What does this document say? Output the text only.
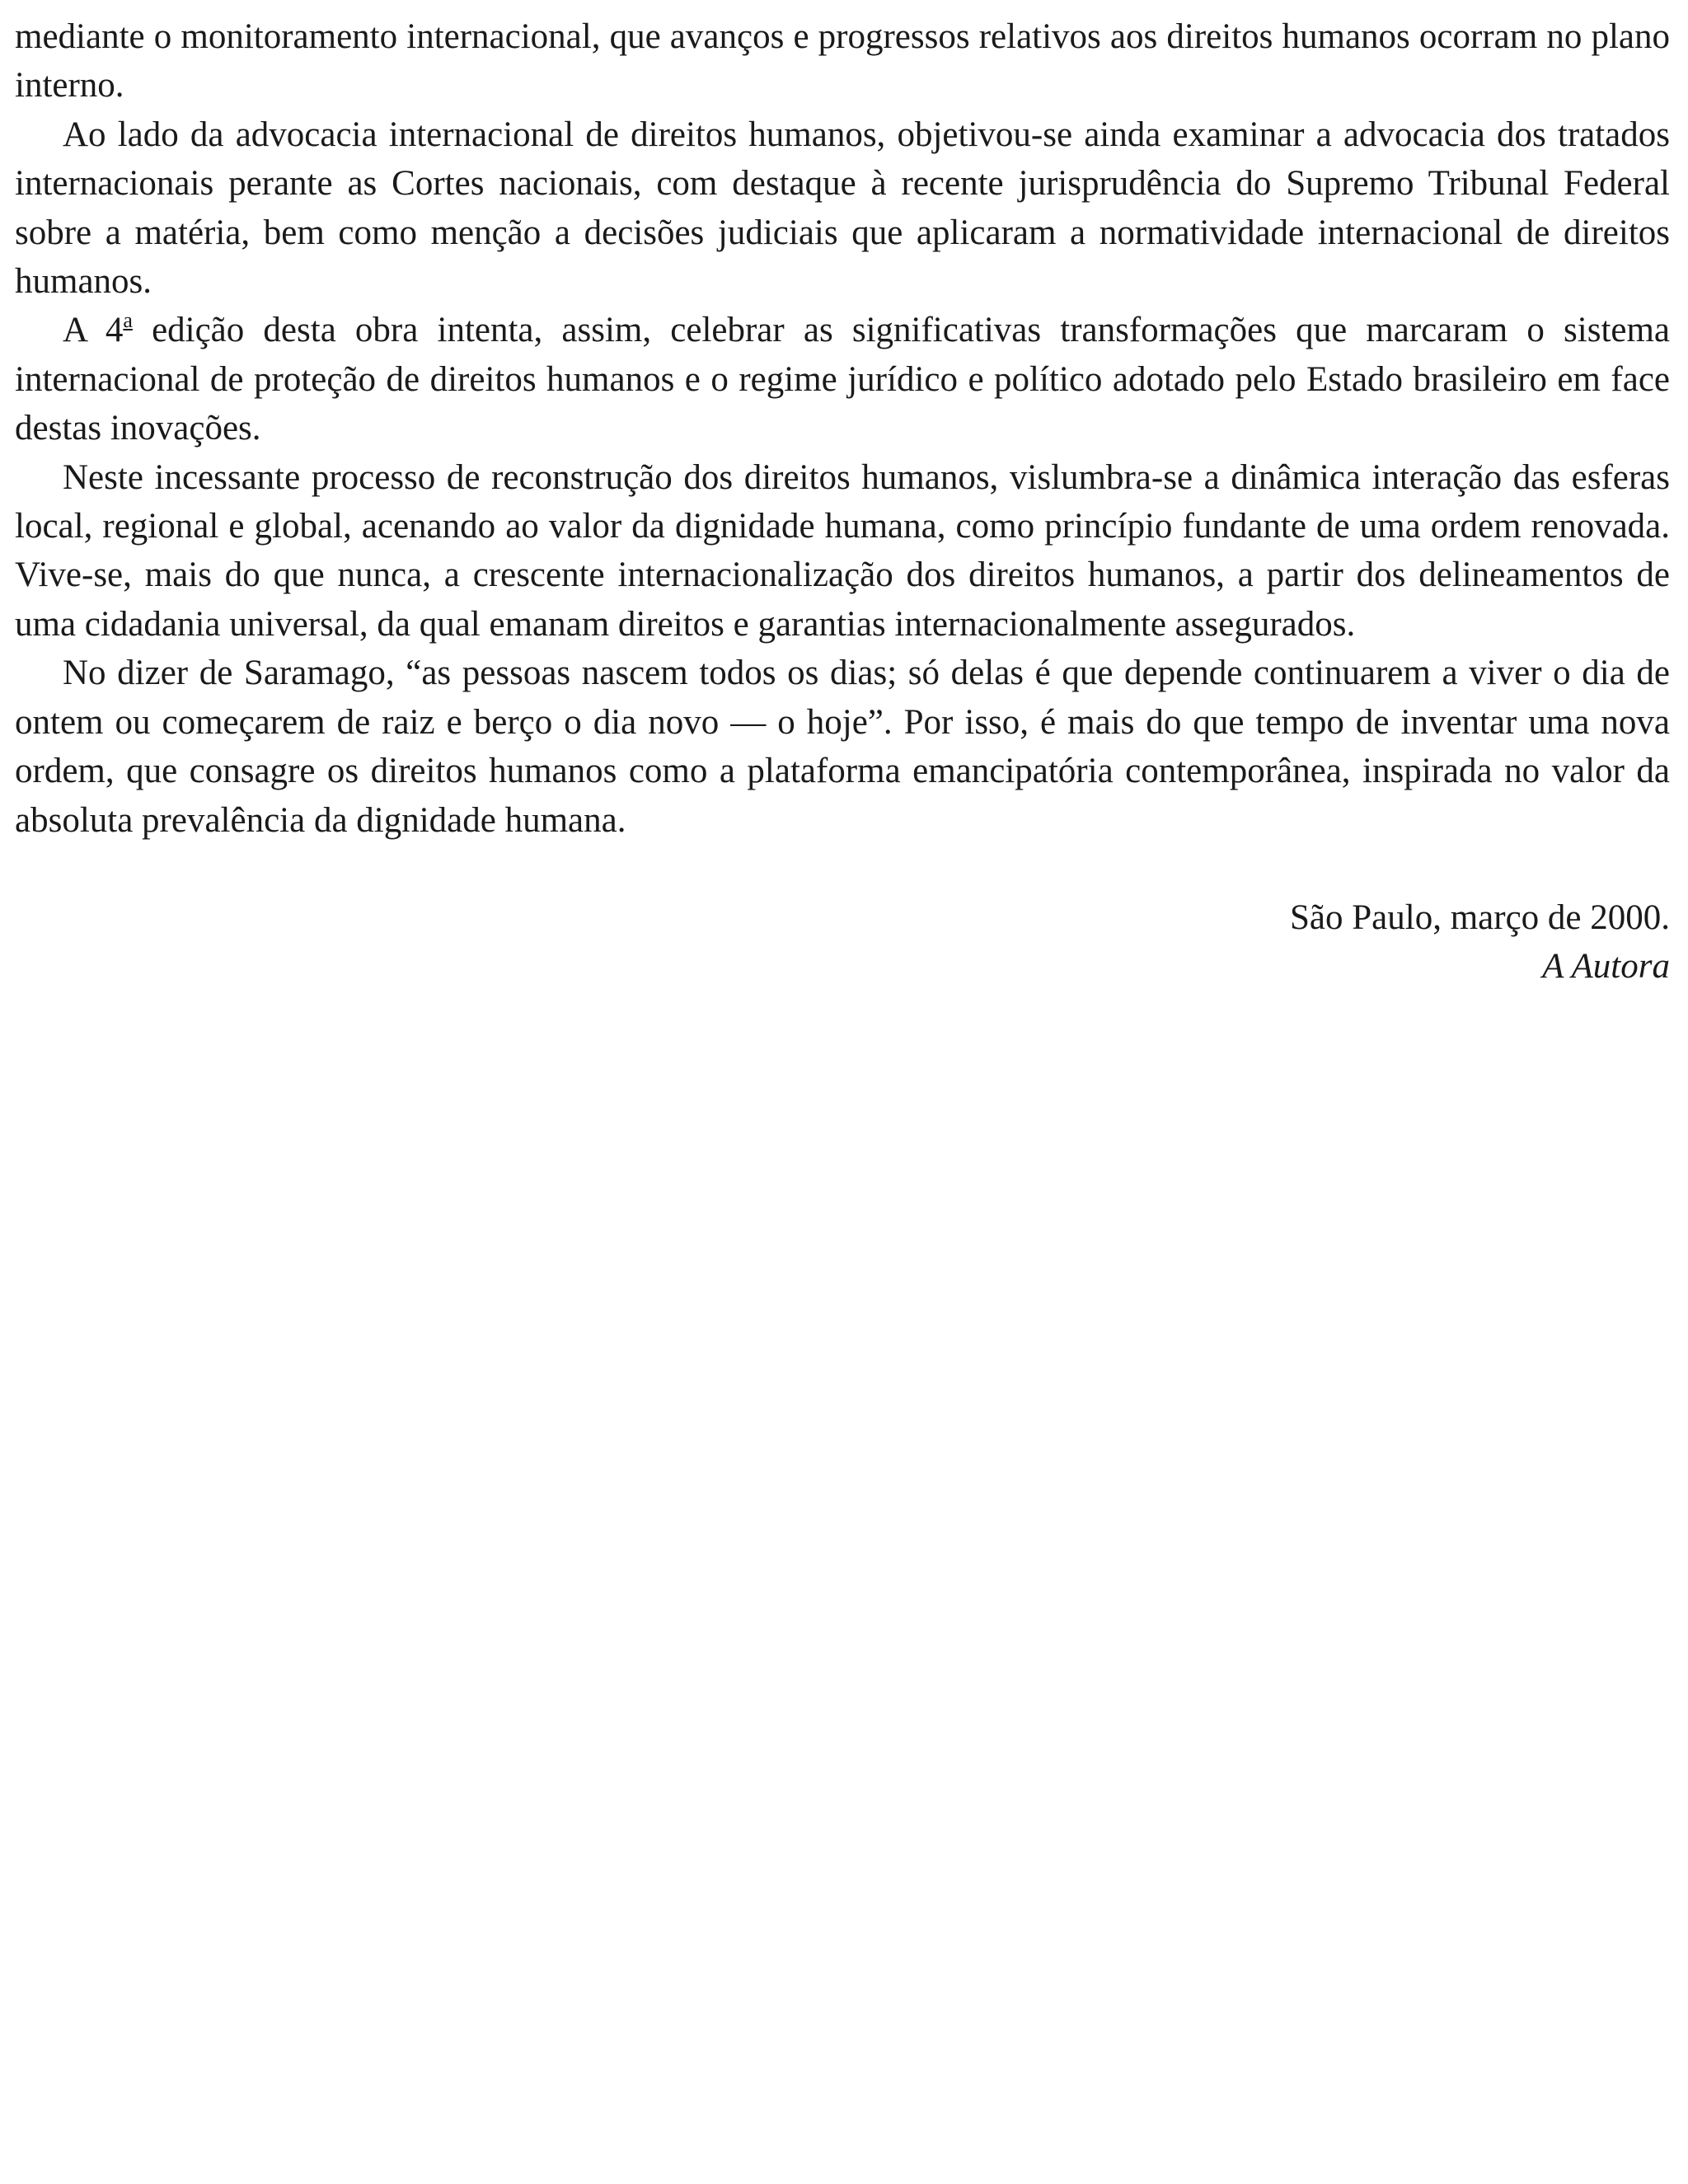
mediante o monitoramento internacional, que avanços e progressos relativos aos direitos humanos ocorram no plano interno.

Ao lado da advocacia internacional de direitos humanos, objetivou-se ainda examinar a advocacia dos tratados internacionais perante as Cortes nacionais, com destaque à recente jurisprudência do Supremo Tribunal Federal sobre a matéria, bem como menção a decisões judiciais que aplicaram a normatividade internacional de direitos humanos.

A 4$^a$ edição desta obra intenta, assim, celebrar as significativas transformações que marcaram o sistema internacional de proteção de direitos humanos e o regime jurídico e político adotado pelo Estado brasileiro em face destas inovações.

Neste incessante processo de reconstrução dos direitos humanos, vislumbra-se a dinâmica interação das esferas local, regional e global, acenando ao valor da dignidade humana, como princípio fundante de uma ordem renovada. Vive-se, mais do que nunca, a crescente internacionalização dos direitos humanos, a partir dos delineamentos de uma cidadania universal, da qual emanam direitos e garantias internacionalmente assegurados.

No dizer de Saramago, “as pessoas nascem todos os dias; só delas é que depende continuarem a viver o dia de ontem ou começarem de raiz e berço o dia novo — o hoje”. Por isso, é mais do que tempo de inventar uma nova ordem, que consagre os direitos humanos como a plataforma emancipatória contemporânea, inspirada no valor da absoluta prevalência da dignidade humana.

São Paulo, março de 2000.
A Autora
